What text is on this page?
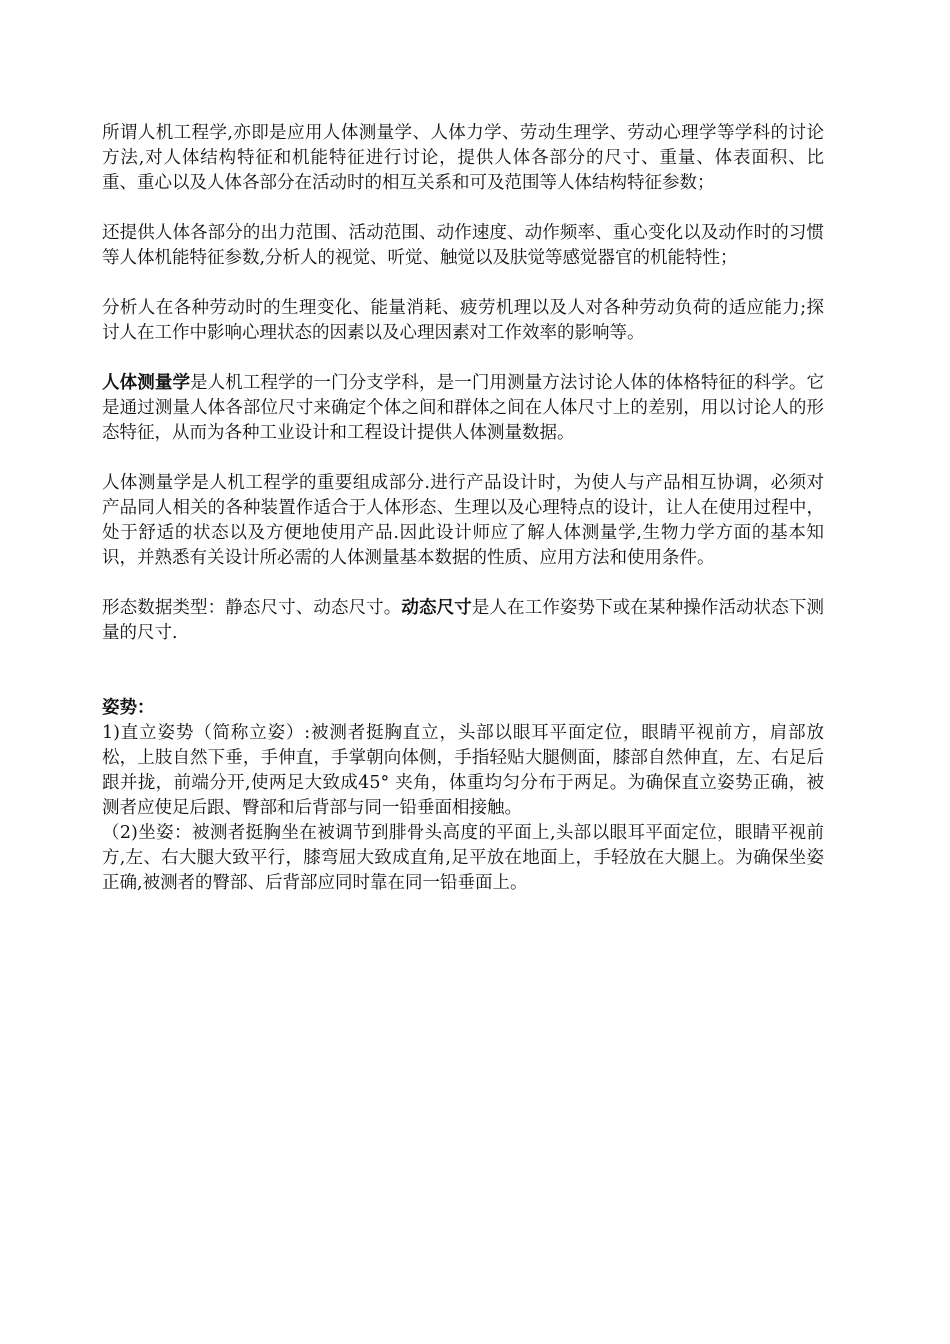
所谓人机工程学,亦即是应用人体测量学、人体力学、劳动生理学、劳动心理学等学科的讨论方法,对人体结构特征和机能特征进行讨论，提供人体各部分的尺寸、重量、体表面积、比重、重心以及人体各部分在活动时的相互关系和可及范围等人体结构特征参数；

还提供人体各部分的出力范围、活动范围、动作速度、动作频率、重心变化以及动作时的习惯等人体机能特征参数,分析人的视觉、听觉、触觉以及肤觉等感觉器官的机能特性；

分析人在各种劳动时的生理变化、能量消耗、疲劳机理以及人对各种劳动负荷的适应能力;探讨人在工作中影响心理状态的因素以及心理因素对工作效率的影响等。

人体测量学是人机工程学的一门分支学科，是一门用测量方法讨论人体的体格特征的科学。它是通过测量人体各部位尺寸来确定个体之间和群体之间在人体尺寸上的差别，用以讨论人的形态特征，从而为各种工业设计和工程设计提供人体测量数据。

人体测量学是人机工程学的重要组成部分.进行产品设计时，为使人与产品相互协调，必须对产品同人相关的各种装置作适合于人体形态、生理以及心理特点的设计，让人在使用过程中，处于舒适的状态以及方便地使用产品.因此设计师应了解人体测量学,生物力学方面的基本知识，并熟悉有关设计所必需的人体测量基本数据的性质、应用方法和使用条件。

形态数据类型：静态尺寸、动态尺寸。动态尺寸是人在工作姿势下或在某种操作活动状态下测量的尺寸.

姿势：

1)直立姿势（简称立姿）:被测者挺胸直立，头部以眼耳平面定位，眼睛平视前方，肩部放松，上肢自然下垂，手伸直，手掌朝向体侧，手指轻贴大腿侧面，膝部自然伸直，左、右足后跟并拢，前端分开,使两足大致成45° 夹角，体重均匀分布于两足。为确保直立姿势正确，被测者应使足后跟、臀部和后背部与同一铅垂面相接触。

（2)坐姿：被测者挺胸坐在被调节到腓骨头高度的平面上,头部以眼耳平面定位，眼睛平视前方,左、右大腿大致平行，膝弯屈大致成直角,足平放在地面上，手轻放在大腿上。为确保坐姿正确,被测者的臀部、后背部应同时靠在同一铅垂面上。
